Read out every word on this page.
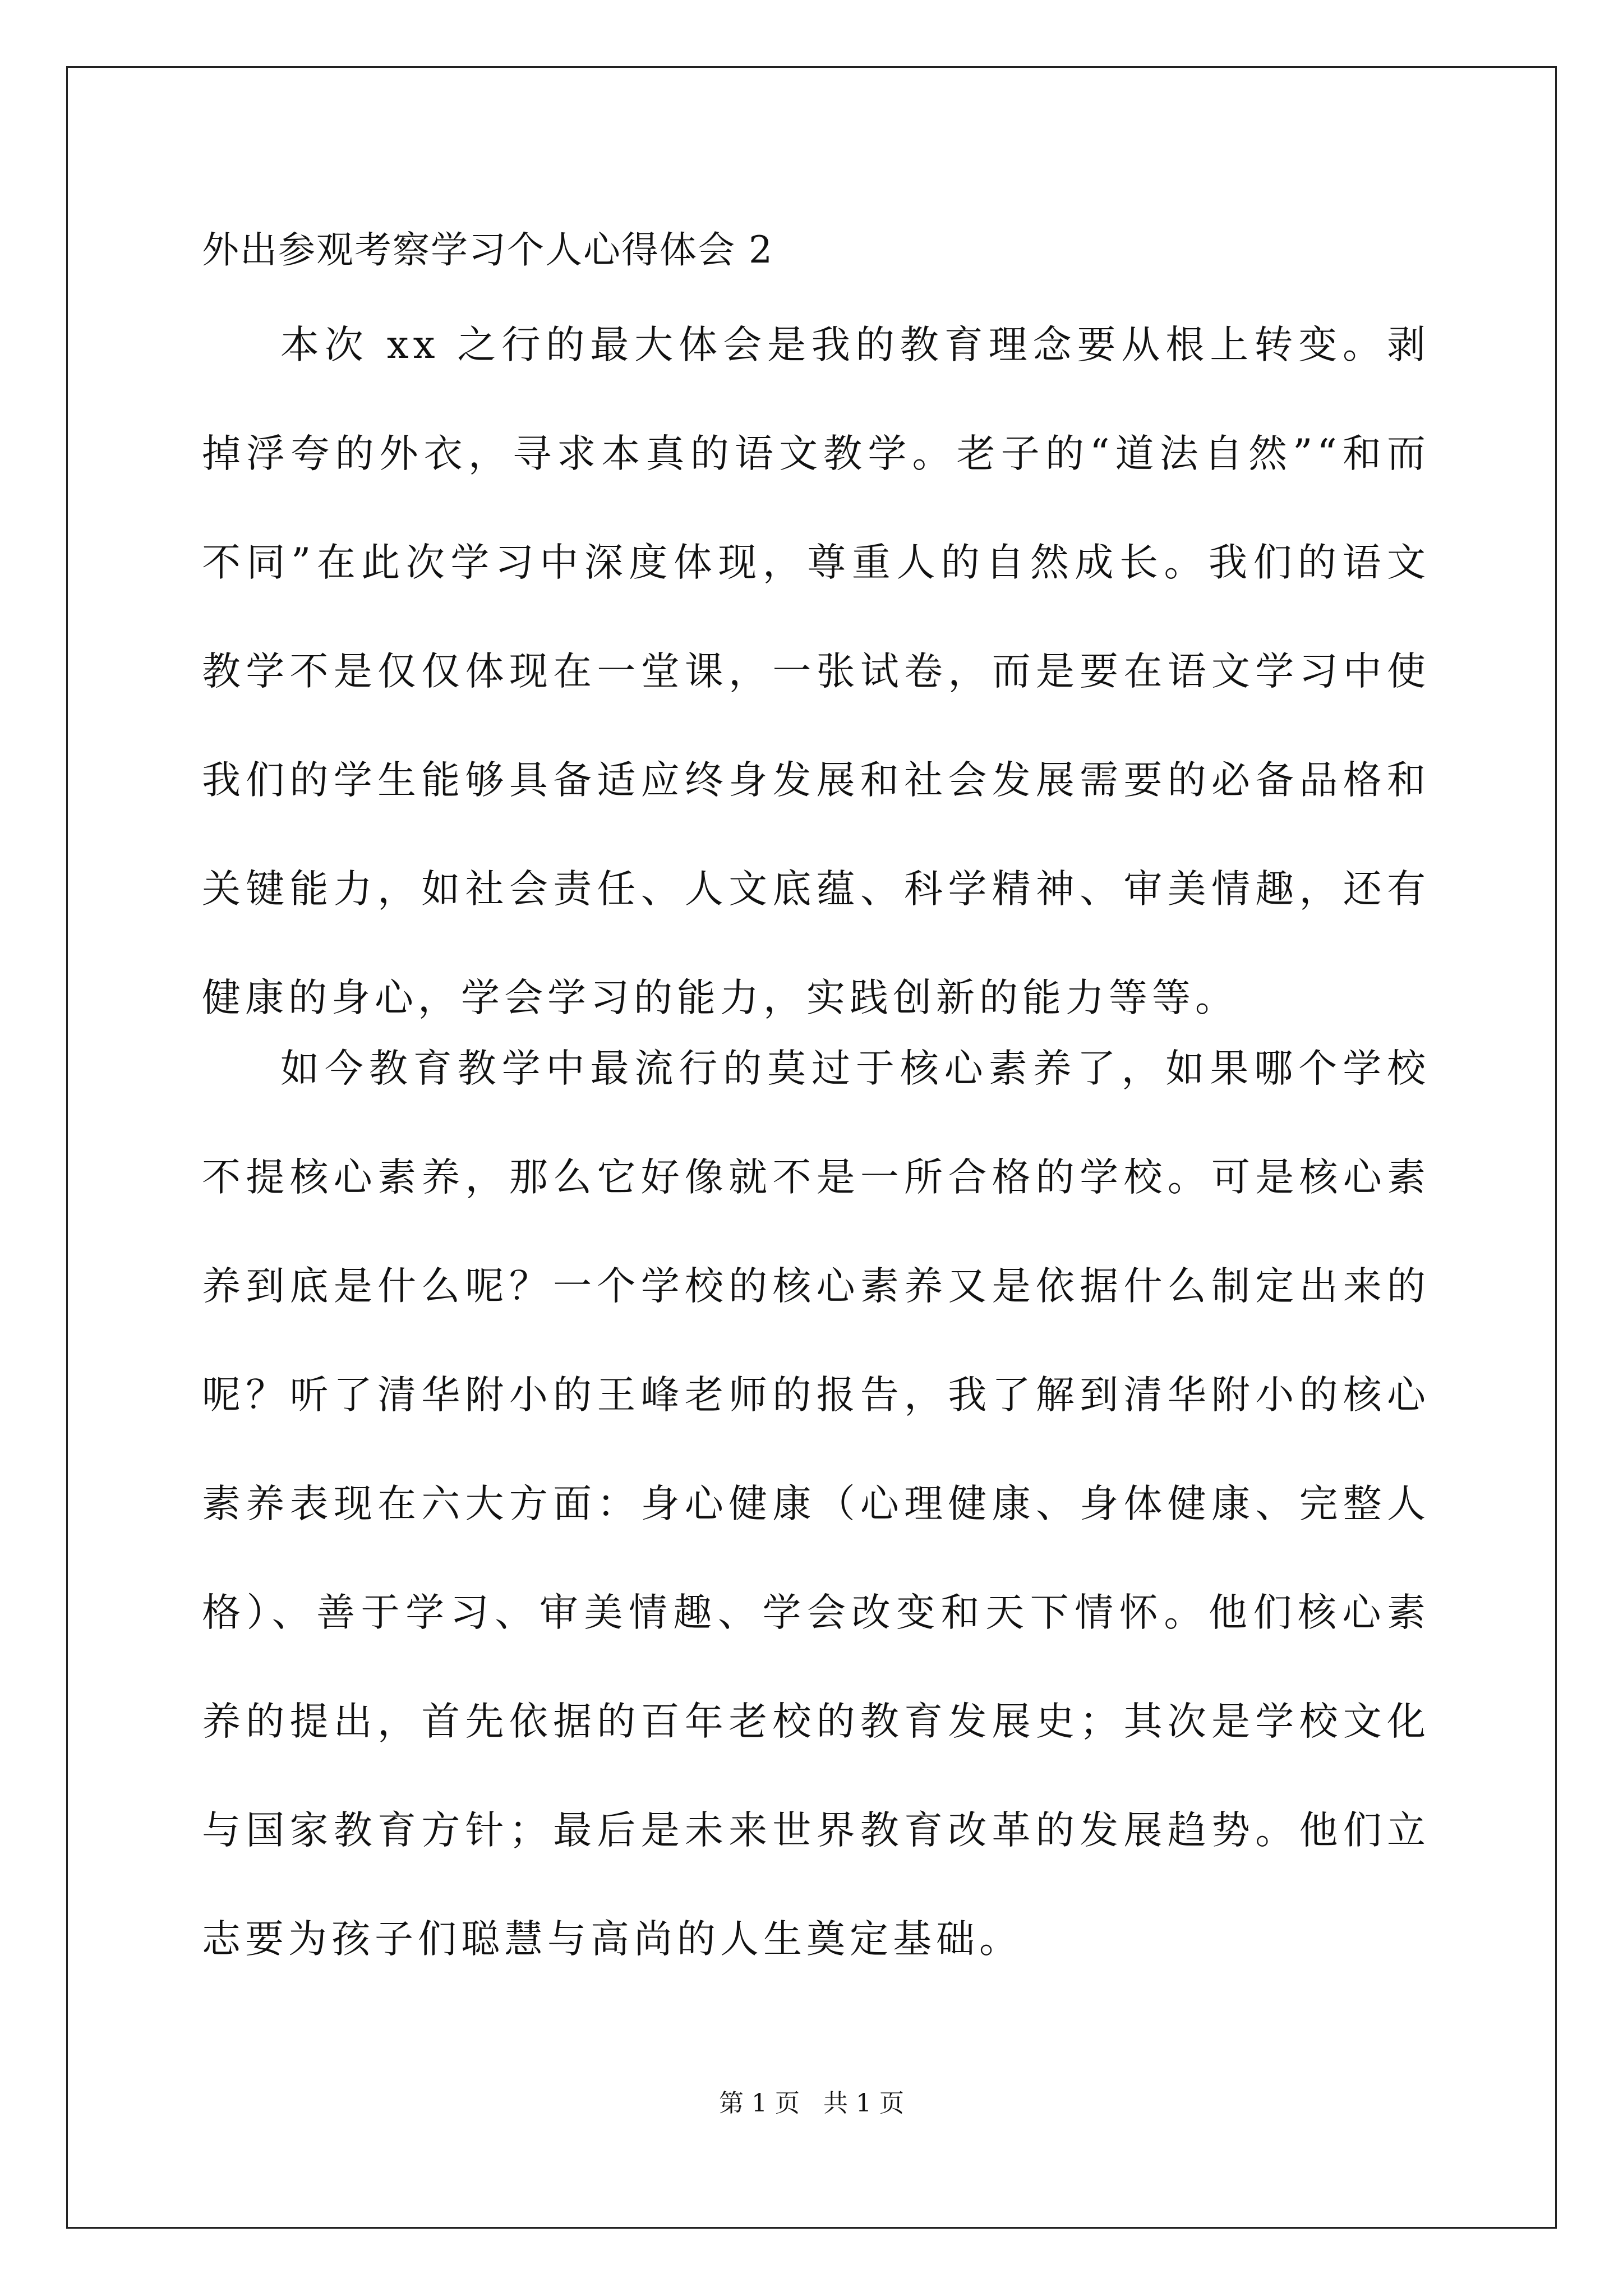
外出参观考察学习个人心得体会 2

本次 xx 之行的最大体会是我的教育理念要从根上转变。剥掉浮夸的外衣，寻求本真的语文教学。老子的“道法自然”“和而不同”在此次学习中深度体现，尊重人的自然成长。我们的语文教学不是仅仅体现在一堂课，一张试卷，而是要在语文学习中使我们的学生能够具备适应终身发展和社会发展需要的必备品格和关键能力，如社会责任、人文底蕴、科学精神、审美情趣，还有健康的身心，学会学习的能力，实践创新的能力等等。

如今教育教学中最流行的莫过于核心素养了，如果哪个学校不提核心素养，那么它好像就不是一所合格的学校。可是核心素养到底是什么呢？一个学校的核心素养又是依据什么制定出来的呢？听了清华附小的王峰老师的报告，我了解到清华附小的核心素养表现在六大方面：身心健康（心理健康、身体健康、完整人格）、善于学习、审美情趣、学会改变和天下情怀。他们核心素养的提出，首先依据的百年老校的教育发展史；其次是学校文化与国家教育方针；最后是未来世界教育改革的发展趋势。他们立志要为孩子们聪慧与高尚的人生奠定基础。

第 1 页   共 1 页
